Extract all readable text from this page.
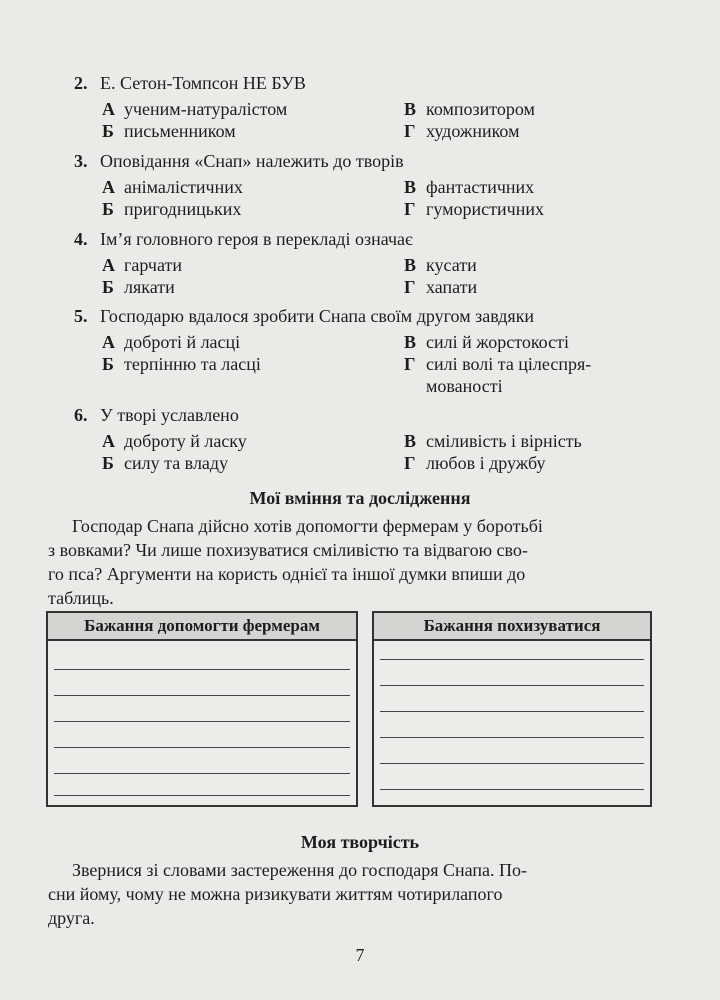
2. Е. Сетон-Томпсон НЕ БУВ
А ученим-натуралістом
Б письменником
В композитором
Г художником
3. Оповідання «Снап» належить до творів
А анімалістичних
Б пригодницьких
В фантастичних
Г гумористичних
4. Ім’я головного героя в перекладі означає
А гарчати
Б лякати
В кусати
Г хапати
5. Господарю вдалося зробити Снапа своїм другом завдяки
А доброті й ласці
Б терпінню та ласці
В силі й жорстокості
Г силі волі та цілеспря-
мованості
6. У творі уславлено
А доброту й ласку
Б силу та владу
В сміливість і вірність
Г любов і дружбу
Мої вміння та дослідження
Господар Снапа дійсно хотів допомогти фермерам у боротьбі
з вовками? Чи лише похизуватися сміливістю та відвагою сво-
го пса? Аргументи на користь однієї та іншої думки впиши до
таблиць.
Бажання допомогти фермерам	Бажання похизуватися
Моя творчість
Звернися зі словами застереження до господаря Снапа. По-
сни йому, чому не можна ризикувати життям чотирилапого
друга.
7
